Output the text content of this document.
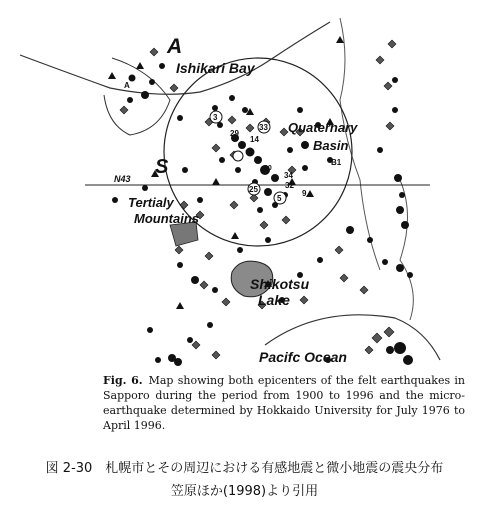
3
33
29
14
30
25
34
32
5
9
A
Ishikari Bay
A
S
Quaternary
Basin
B1
N43
Tertialy
Mountains
Shikotsu
Lake
Pacifc Ocean
Fig. 6. Map showing both epicenters of the felt earthquakes in Sapporo during the period from 1900 to 1996 and the micro-earthquake determined by Hokkaido University for July 1976 to April 1996.
図 2-30　札幌市とその周辺における有感地震と微小地震の震央分布
笠原ほか(1998)より引用
